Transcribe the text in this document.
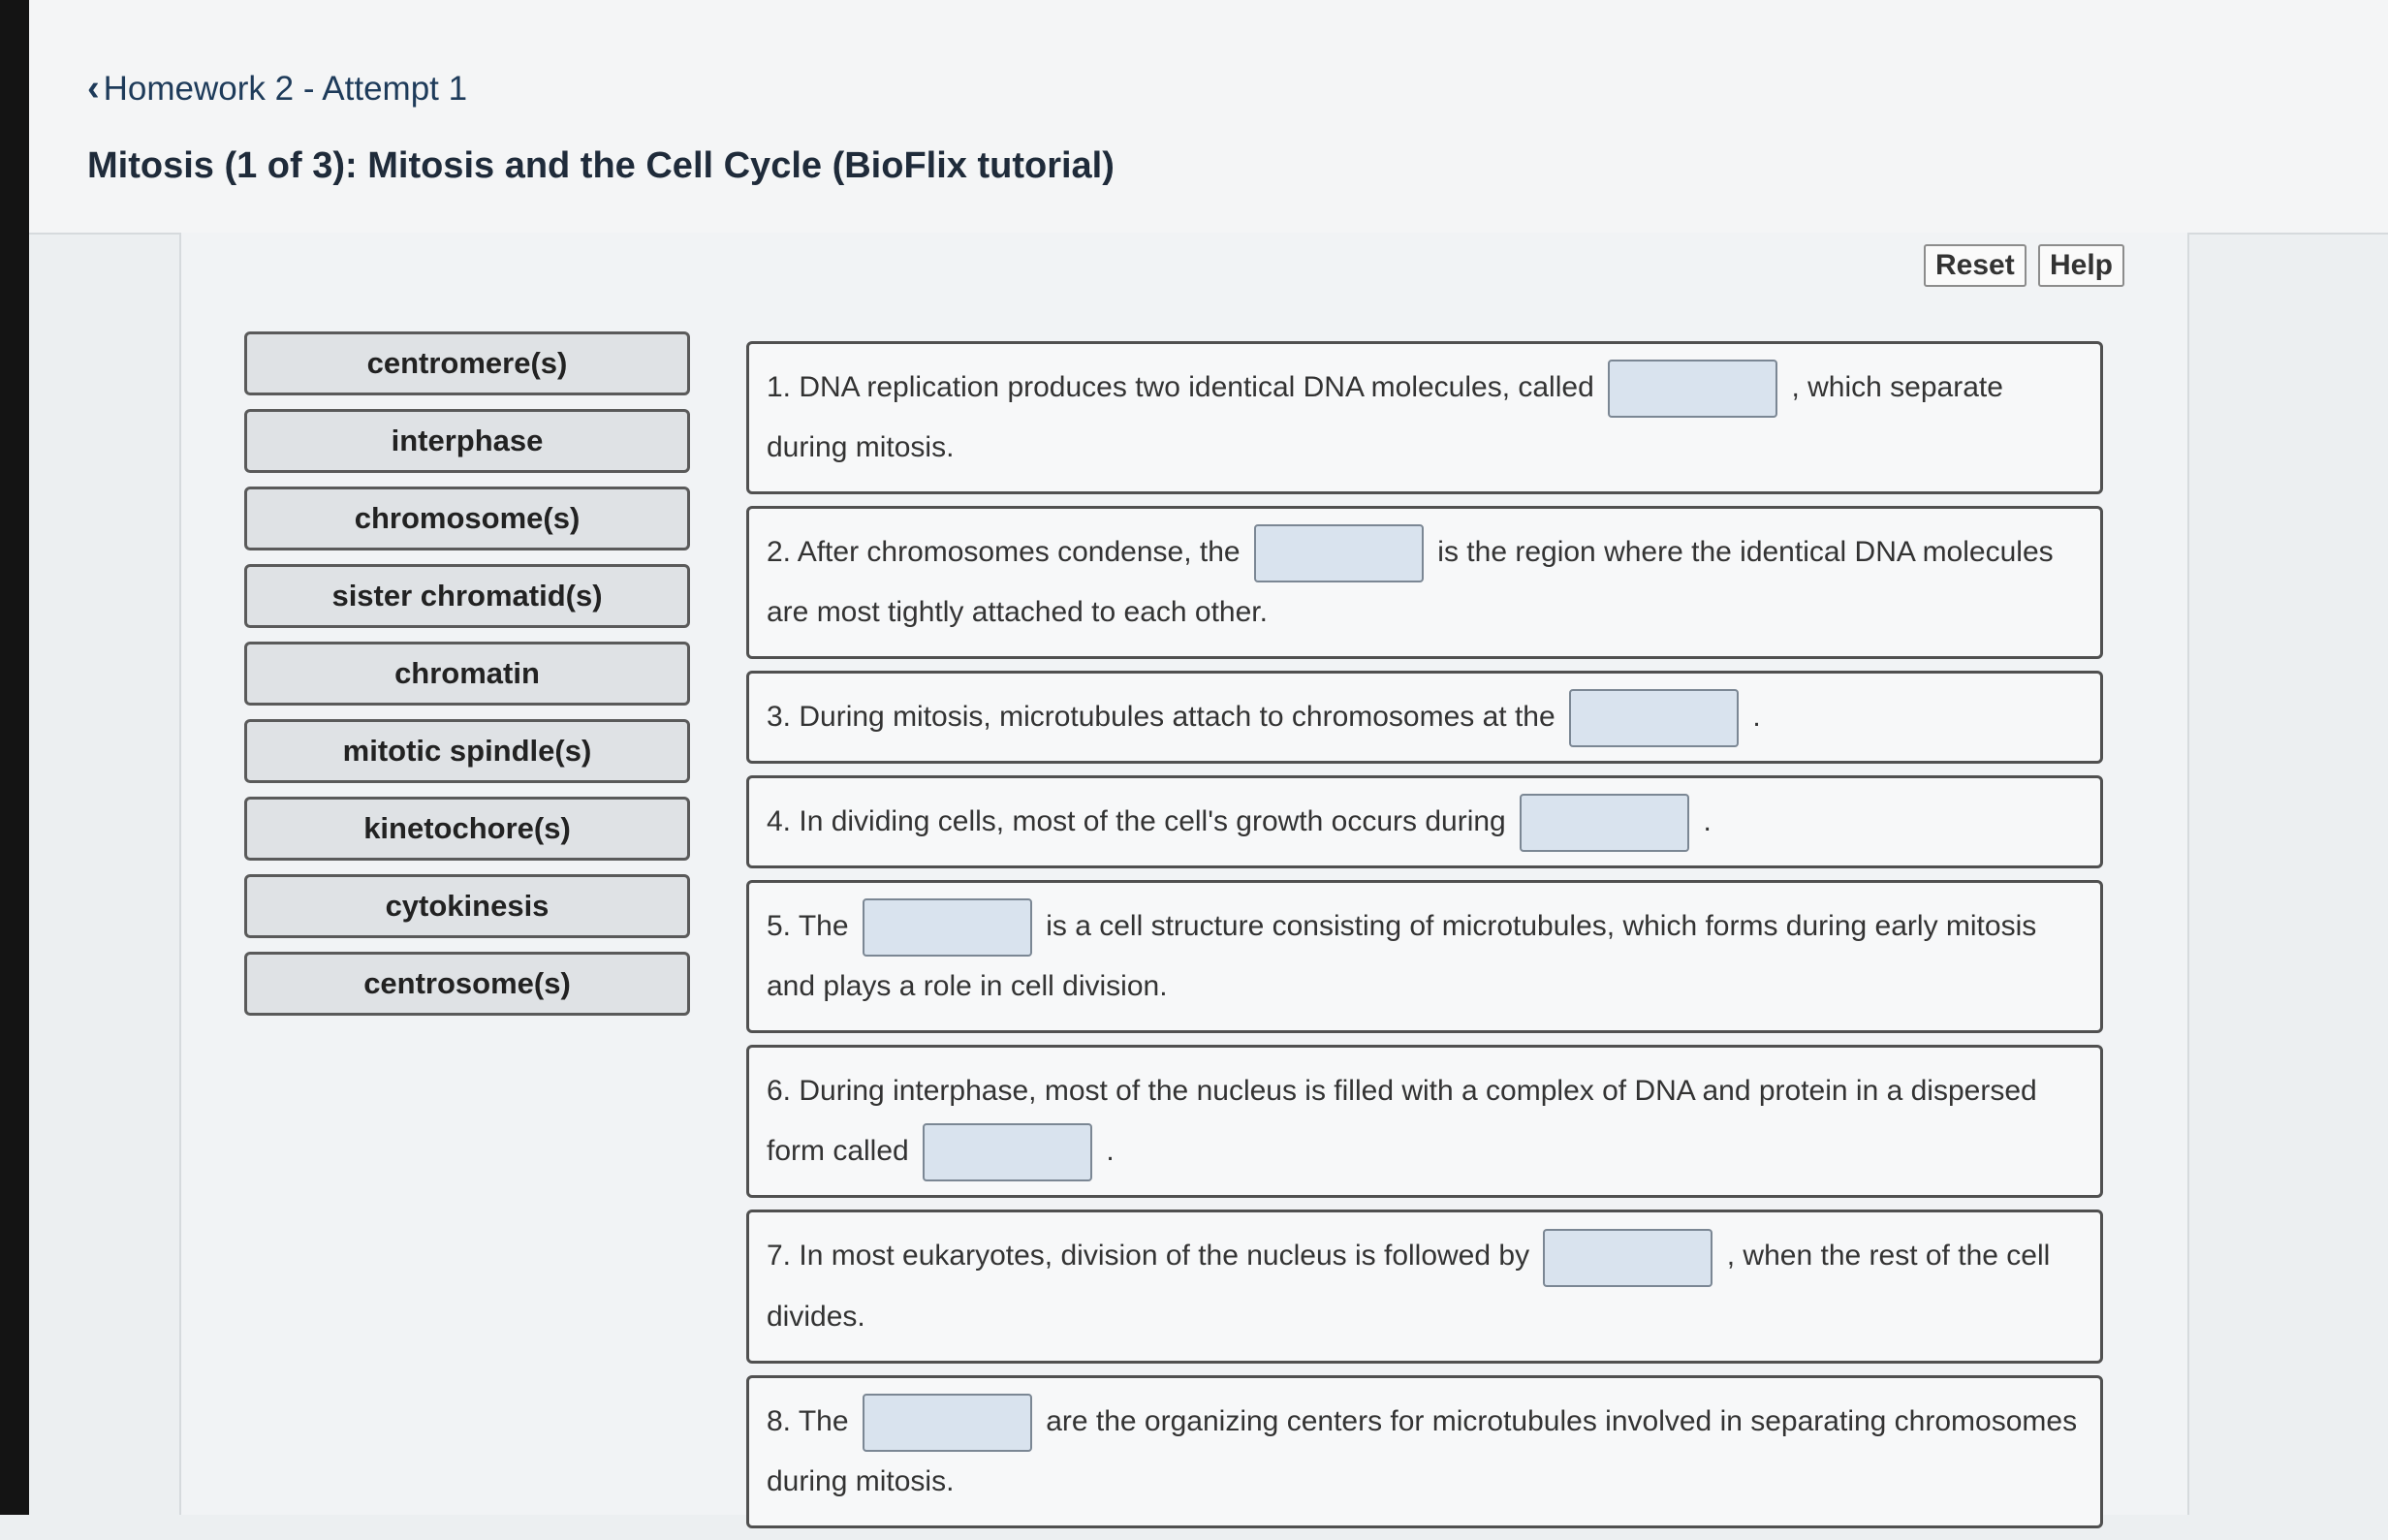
‹ Homework 2 - Attempt 1
Mitosis (1 of 3): Mitosis and the Cell Cycle (BioFlix tutorial)
Reset	Help
centromere(s)
interphase
chromosome(s)
sister chromatid(s)
chromatin
mitotic spindle(s)
kinetochore(s)
cytokinesis
centrosome(s)
1. DNA replication produces two identical DNA molecules, called	, which separate during mitosis.
2. After chromosomes condense, the	is the region where the identical DNA molecules are most tightly attached to each other.
3. During mitosis, microtubules attach to chromosomes at the	.
4. In dividing cells, most of the cell's growth occurs during	.
5. The	is a cell structure consisting of microtubules, which forms during early mitosis and plays a role in cell division.
6. During interphase, most of the nucleus is filled with a complex of DNA and protein in a dispersed form called	.
7. In most eukaryotes, division of the nucleus is followed by	, when the rest of the cell divides.
8. The	are the organizing centers for microtubules involved in separating chromosomes during mitosis.
